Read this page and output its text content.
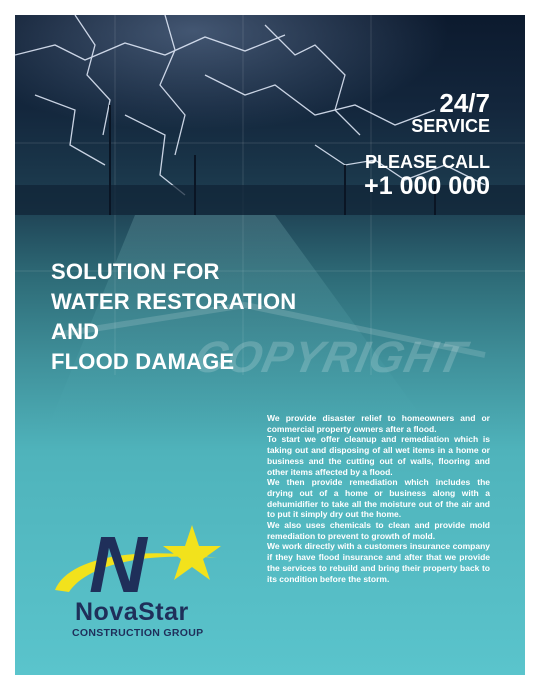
24/7
SERVICE
PLEASE CALL
+1 000 000
COPYRIGHT
SOLUTION FOR
WATER RESTORATION
AND
FLOOD DAMAGE

We provide disaster relief to homeowners and or commercial property owners after a flood.

To start we offer cleanup and remediation which is taking out and disposing of all wet items in a home or business and the cutting out of walls, flooring and other items affected by a flood.

We then provide remediation which includes the drying out of a home or business along with a dehumidifier to take all the moisture out of the air and to put it simply dry out the home.

We also uses chemicals to clean and provide mold remediation to prevent to growth of mold.

We work directly with a customers insurance company if they have flood insurance and after that we provide the services to rebuild and bring their property back to its condition before the storm.

N
NovaStar
CONSTRUCTION GROUP
